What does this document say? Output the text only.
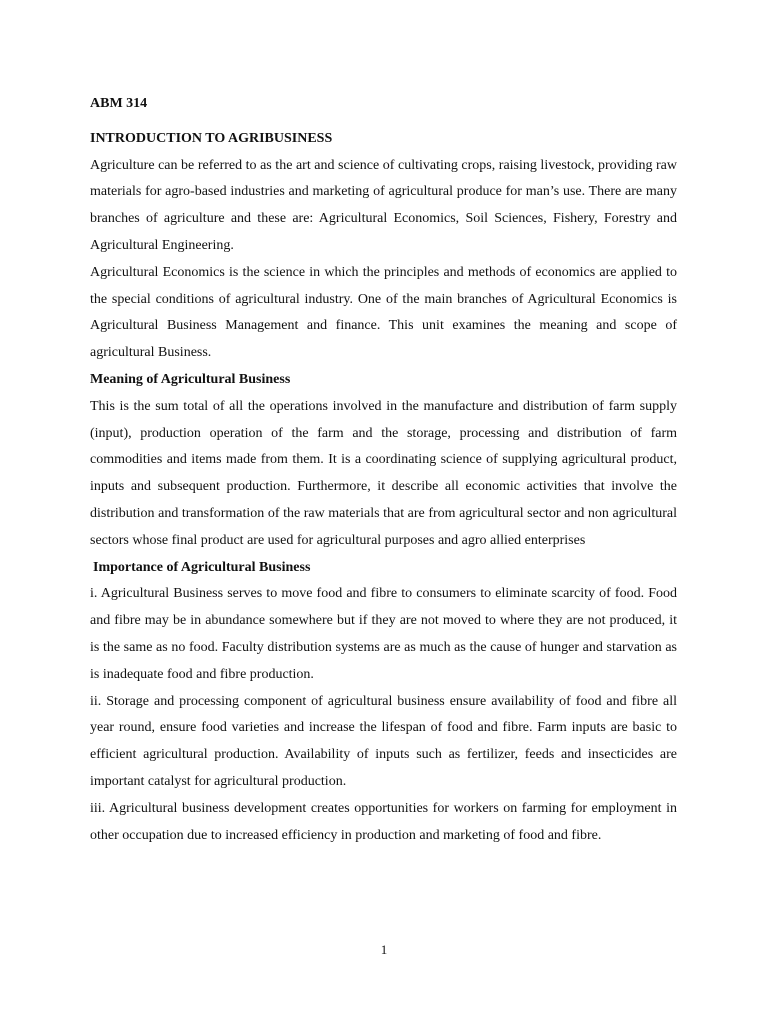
ABM 314

INTRODUCTION TO AGRIBUSINESS

Agriculture can be referred to as the art and science of cultivating crops, raising livestock, providing raw materials for agro-based industries and marketing of agricultural produce for man’s use. There are many branches of agriculture and these are: Agricultural Economics, Soil Sciences, Fishery, Forestry and Agricultural Engineering.

Agricultural Economics is the science in which the principles and methods of economics are applied to the special conditions of agricultural industry. One of the main branches of Agricultural Economics is Agricultural Business Management and finance. This unit examines the meaning and scope of agricultural Business.

Meaning of Agricultural Business

This is the sum total of all the operations involved in the manufacture and distribution of farm supply (input), production operation of the farm and the storage, processing and distribution of farm commodities and items made from them. It is a coordinating science of supplying agricultural product, inputs and subsequent production. Furthermore, it describe all economic activities that involve the distribution and transformation of the raw materials that are from agricultural sector and non agricultural sectors whose final product are used for agricultural purposes and agro allied enterprises

Importance of Agricultural Business

i. Agricultural Business serves to move food and fibre to consumers to eliminate scarcity of food. Food and fibre may be in abundance somewhere but if they are not moved to where they are not produced, it is the same as no food. Faculty distribution systems are as much as the cause of hunger and starvation as is inadequate food and fibre production.

ii. Storage and processing component of agricultural business ensure availability of food and fibre all year round, ensure food varieties and increase the lifespan of food and fibre. Farm inputs are basic to efficient agricultural production. Availability of inputs such as fertilizer, feeds and insecticides are important catalyst for agricultural production.

iii. Agricultural business development creates opportunities for workers on farming for employment in other occupation due to increased efficiency in production and marketing of food and fibre.

1
